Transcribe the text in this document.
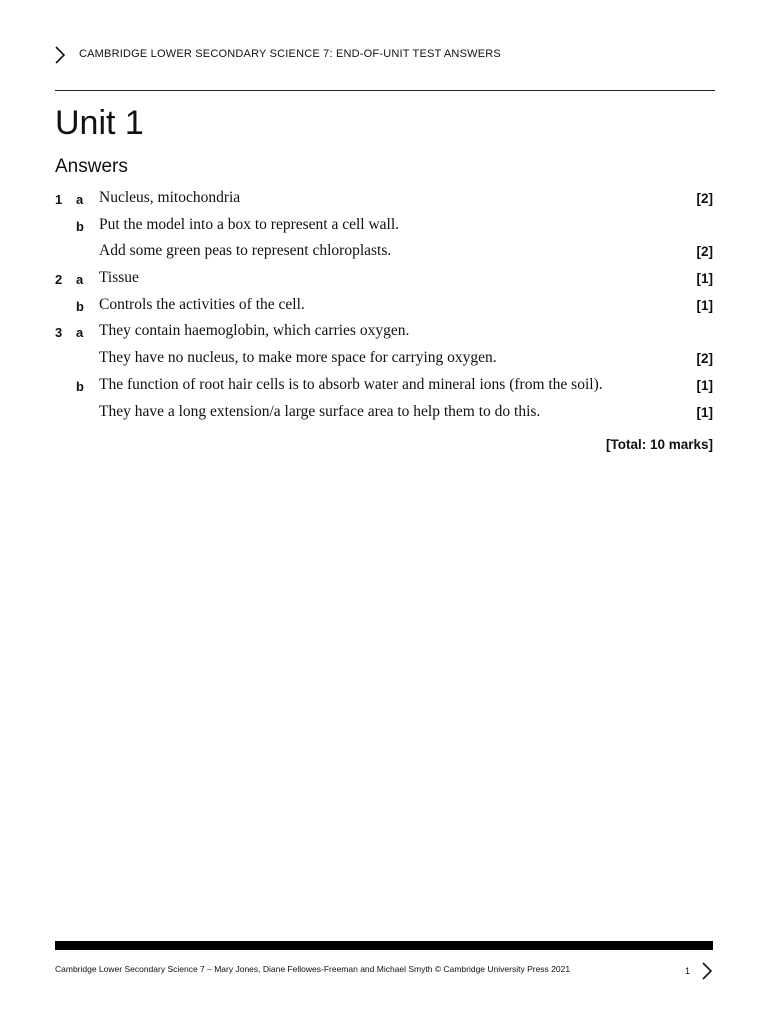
CAMBRIDGE LOWER SECONDARY SCIENCE 7: END-OF-UNIT TEST ANSWERS
Unit 1
Answers
1 a Nucleus, mitochondria	[2]
b Put the model into a box to represent a cell wall.
Add some green peas to represent chloroplasts.	[2]
2 a Tissue	[1]
b Controls the activities of the cell.	[1]
3 a They contain haemoglobin, which carries oxygen.
They have no nucleus, to make more space for carrying oxygen.	[2]
b The function of root hair cells is to absorb water and mineral ions (from the soil).	[1]
They have a long extension/a large surface area to help them to do this.	[1]
[Total: 10 marks]
Cambridge Lower Secondary Science 7 – Mary Jones, Diane Fellowes-Freeman and Michael Smyth © Cambridge University Press 2021	1
